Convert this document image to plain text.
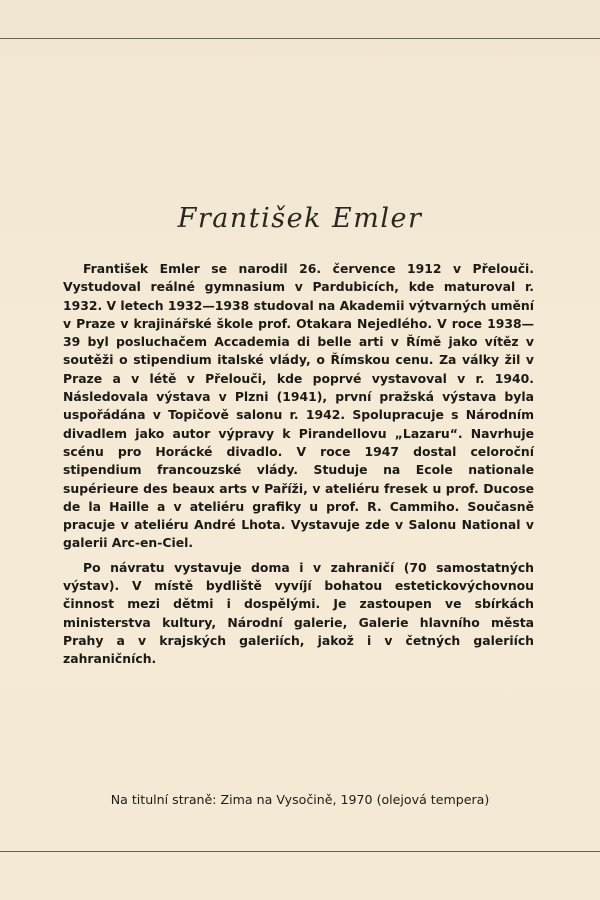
František Emler

František Emler se narodil 26. července 1912 v Přelouči. Vystudoval reálné gymnasium v Pardubicích, kde maturoval r. 1932. V letech 1932—1938 studoval na Akademii výtvarných umění v Praze v krajinářské škole prof. Otakara Nejedlého. V roce 1938—39 byl posluchačem Accademia di belle arti v Římě jako vítěz v soutěži o stipendium italské vlády, o Římskou cenu. Za války žil v Praze a v létě v Přelouči, kde poprvé vystavoval v r. 1940. Následovala výstava v Plzni (1941), první pražská výstava byla uspořádána v Topičově salonu r. 1942. Spolupracuje s Národním divadlem jako autor výpravy k Pirandellovu „Lazaru“. Navrhuje scénu pro Horácké divadlo. V roce 1947 dostal celoroční stipendium francouzské vlády. Studuje na Ecole nationale supérieure des beaux arts v Paříži, v ateliéru fresek u prof. Ducose de la Haille a v ateliéru grafiky u prof. R. Cammiho. Současně pracuje v ateliéru André Lhota. Vystavuje zde v Salonu National v galerii Arc-en-Ciel.

Po návratu vystavuje doma i v zahraničí (70 samostatných výstav). V místě bydliště vyvíjí bohatou estetickovýchovnou činnost mezi dětmi i dospělými. Je zastoupen ve sbírkách ministerstva kultury, Národní galerie, Galerie hlavního města Prahy a v krajských galeriích, jakož i v četných galeriích zahraničních.

Na titulní straně: Zima na Vysočině, 1970 (olejová tempera)
